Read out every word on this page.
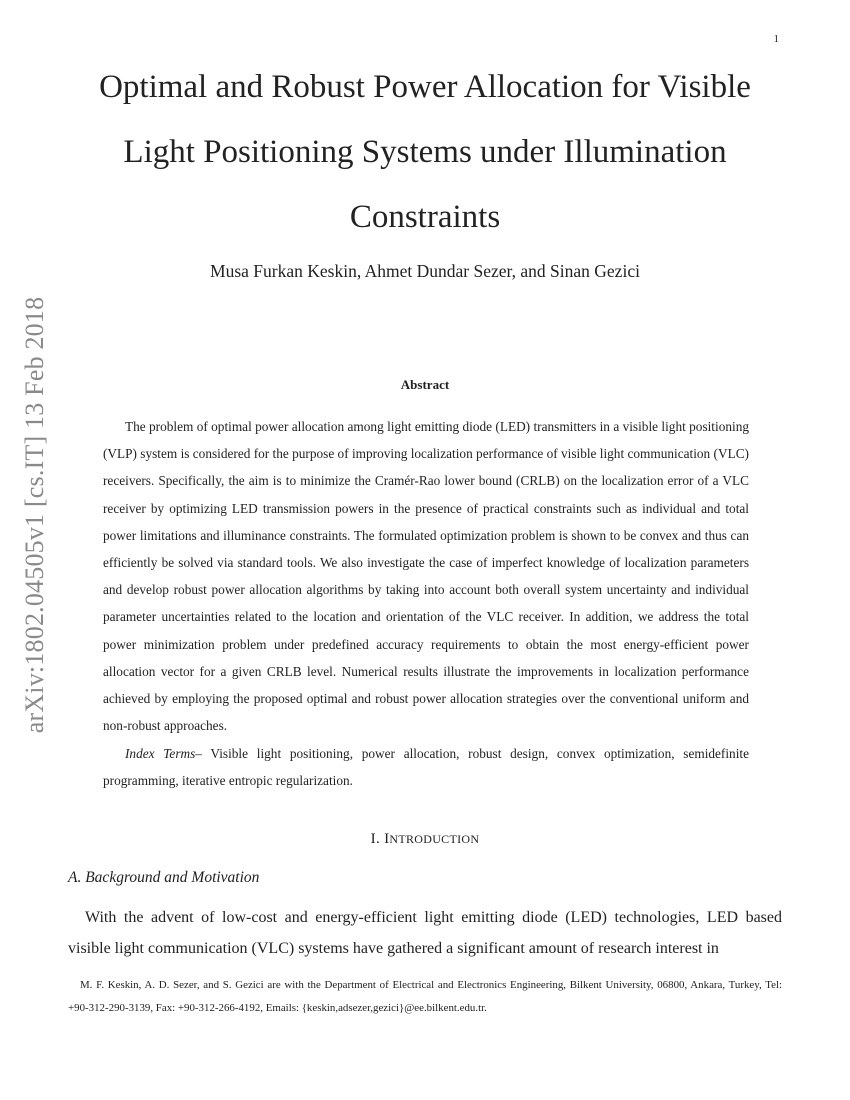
1
arXiv:1802.04505v1 [cs.IT] 13 Feb 2018
Optimal and Robust Power Allocation for Visible Light Positioning Systems under Illumination Constraints
Musa Furkan Keskin, Ahmet Dundar Sezer, and Sinan Gezici
Abstract

The problem of optimal power allocation among light emitting diode (LED) transmitters in a visible light positioning (VLP) system is considered for the purpose of improving localization performance of visible light communication (VLC) receivers. Specifically, the aim is to minimize the Cramér-Rao lower bound (CRLB) on the localization error of a VLC receiver by optimizing LED transmission powers in the presence of practical constraints such as individual and total power limitations and illuminance constraints. The formulated optimization problem is shown to be convex and thus can efficiently be solved via standard tools. We also investigate the case of imperfect knowledge of localization parameters and develop robust power allocation algorithms by taking into account both overall system uncertainty and individual parameter uncertainties related to the location and orientation of the VLC receiver. In addition, we address the total power minimization problem under predefined accuracy requirements to obtain the most energy-efficient power allocation vector for a given CRLB level. Numerical results illustrate the improvements in localization performance achieved by employing the proposed optimal and robust power allocation strategies over the conventional uniform and non-robust approaches.

Index Terms– Visible light positioning, power allocation, robust design, convex optimization, semidefinite programming, iterative entropic regularization.

I. INTRODUCTION
A. Background and Motivation

With the advent of low-cost and energy-efficient light emitting diode (LED) technologies, LED based visible light communication (VLC) systems have gathered a significant amount of research interest in

M. F. Keskin, A. D. Sezer, and S. Gezici are with the Department of Electrical and Electronics Engineering, Bilkent University, 06800, Ankara, Turkey, Tel: +90-312-290-3139, Fax: +90-312-266-4192, Emails: {keskin,adsezer,gezici}@ee.bilkent.edu.tr.
